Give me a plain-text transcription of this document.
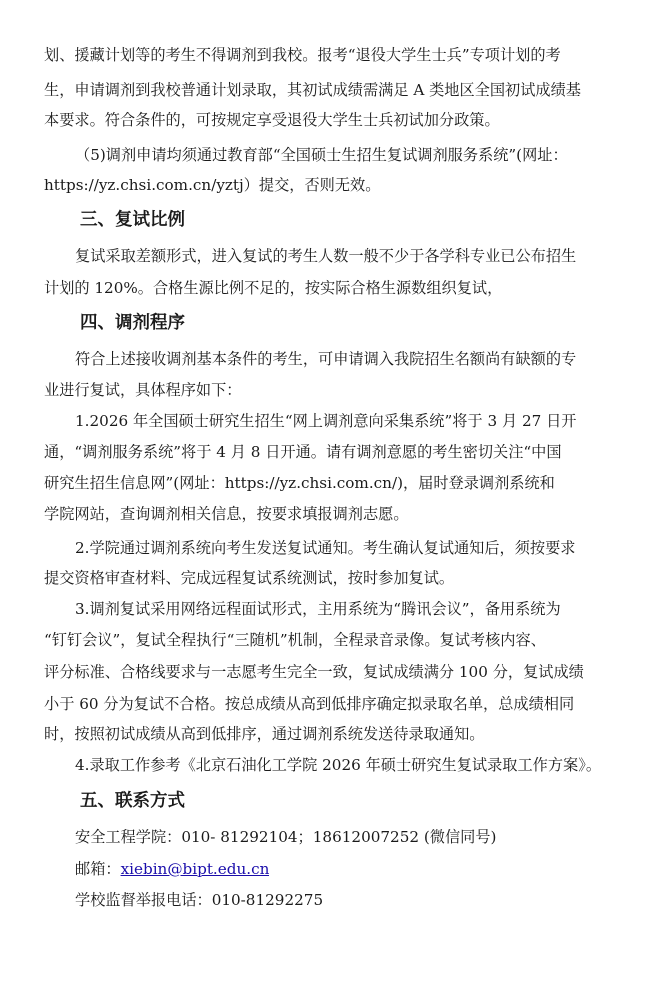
划、援藏计划等的考生不得调剂到我校。报考“退役大学生士兵”专项计划的考
生，申请调剂到我校普通计划录取，其初试成绩需满足 A 类地区全国初试成绩基
本要求。符合条件的，可按规定享受退役大学生士兵初试加分政策。
（5)调剂申请均须通过教育部“全国硕士生招生复试调剂服务系统”(网址：
https://yz.chsi.com.cn/yztj）提交，否则无效。
三、复试比例
复试采取差额形式，进入复试的考生人数一般不少于各学科专业已公布招生
计划的 120%。合格生源比例不足的，按实际合格生源数组织复试，
四、调剂程序
符合上述接收调剂基本条件的考生，可申请调入我院招生名额尚有缺额的专
业进行复试，具体程序如下：
1.2026 年全国硕士研究生招生“网上调剂意向采集系统”将于 3 月 27 日开
通，“调剂服务系统”将于 4 月 8 日开通。请有调剂意愿的考生密切关注“中国
研究生招生信息网”(网址：https://yz.chsi.com.cn/)，届时登录调剂系统和
学院网站，查询调剂相关信息，按要求填报调剂志愿。
2.学院通过调剂系统向考生发送复试通知。考生确认复试通知后，须按要求
提交资格审查材料、完成远程复试系统测试，按时参加复试。
3.调剂复试采用网络远程面试形式，主用系统为“腾讯会议”，备用系统为
“钉钉会议”，复试全程执行“三随机”机制，全程录音录像。复试考核内容、
评分标准、合格线要求与一志愿考生完全一致，复试成绩满分 100 分，复试成绩
小于 60 分为复试不合格。按总成绩从高到低排序确定拟录取名单，总成绩相同
时，按照初试成绩从高到低排序，通过调剂系统发送待录取通知。
4.录取工作参考《北京石油化工学院 2026 年硕士研究生复试录取工作方案》。
五、联系方式
安全工程学院：010- 81292104；18612007252 (微信同号)
邮箱：xiebin@bipt.edu.cn
学校监督举报电话：010-81292275
